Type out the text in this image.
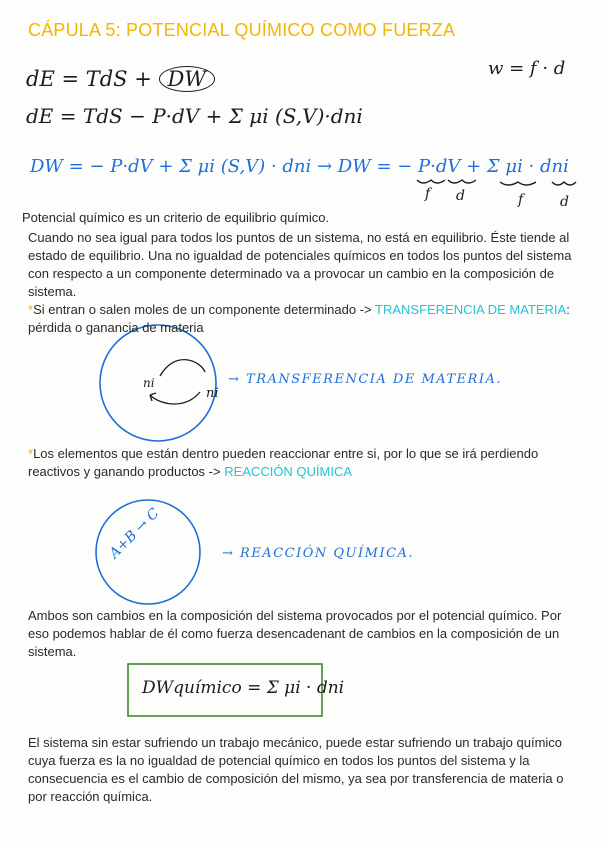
CÁPULA 5: POTENCIAL QUÍMICO COMO FUERZA
dE = TdS + DW	w = f · d
dE = TdS − P·dV + Σ μi (S,V)·dni
DW = − P·dV + Σ μi (S,V) · dni → DW = − P·dV + Σ μi · dni
f d	f	d
Potencial químico es un criterio de equilibrio químico.
Cuando no sea igual para todos los puntos de un sistema, no está en equilibrio. Éste tiende al estado de equilibrio. Una no igualdad de potenciales químicos en todos los puntos del sistema con respecto a un componente determinado va a provocar un cambio en la composición de sistema.
*Si entran o salen moles de un componente determinado -> TRANSFERENCIA DE MATERIA: pérdida o ganancia de materia
ni
ni
→ TRANSFERENCIA DE MATERIA.
*Los elementos que están dentro pueden reaccionar entre si, por lo que se irá perdiendo reactivos y ganando productos -> REACCIÓN QUÍMICA
A+B → C	→ REACCIÓN QUÍMICA.
Ambos son cambios en la composición del sistema provocados por el potencial químico. Por eso podemos hablar de él como fuerza desencadenant de cambios en la composición de un sistema.
DWquímico = Σ μi · dni
El sistema sin estar sufriendo un trabajo mecánico, puede estar sufriendo un trabajo químico cuya fuerza es la no igualdad de potencial químico en todos los puntos del sistema y la consecuencia es el cambio de composición del mismo, ya sea por transferencia de materia o por reacción química.
